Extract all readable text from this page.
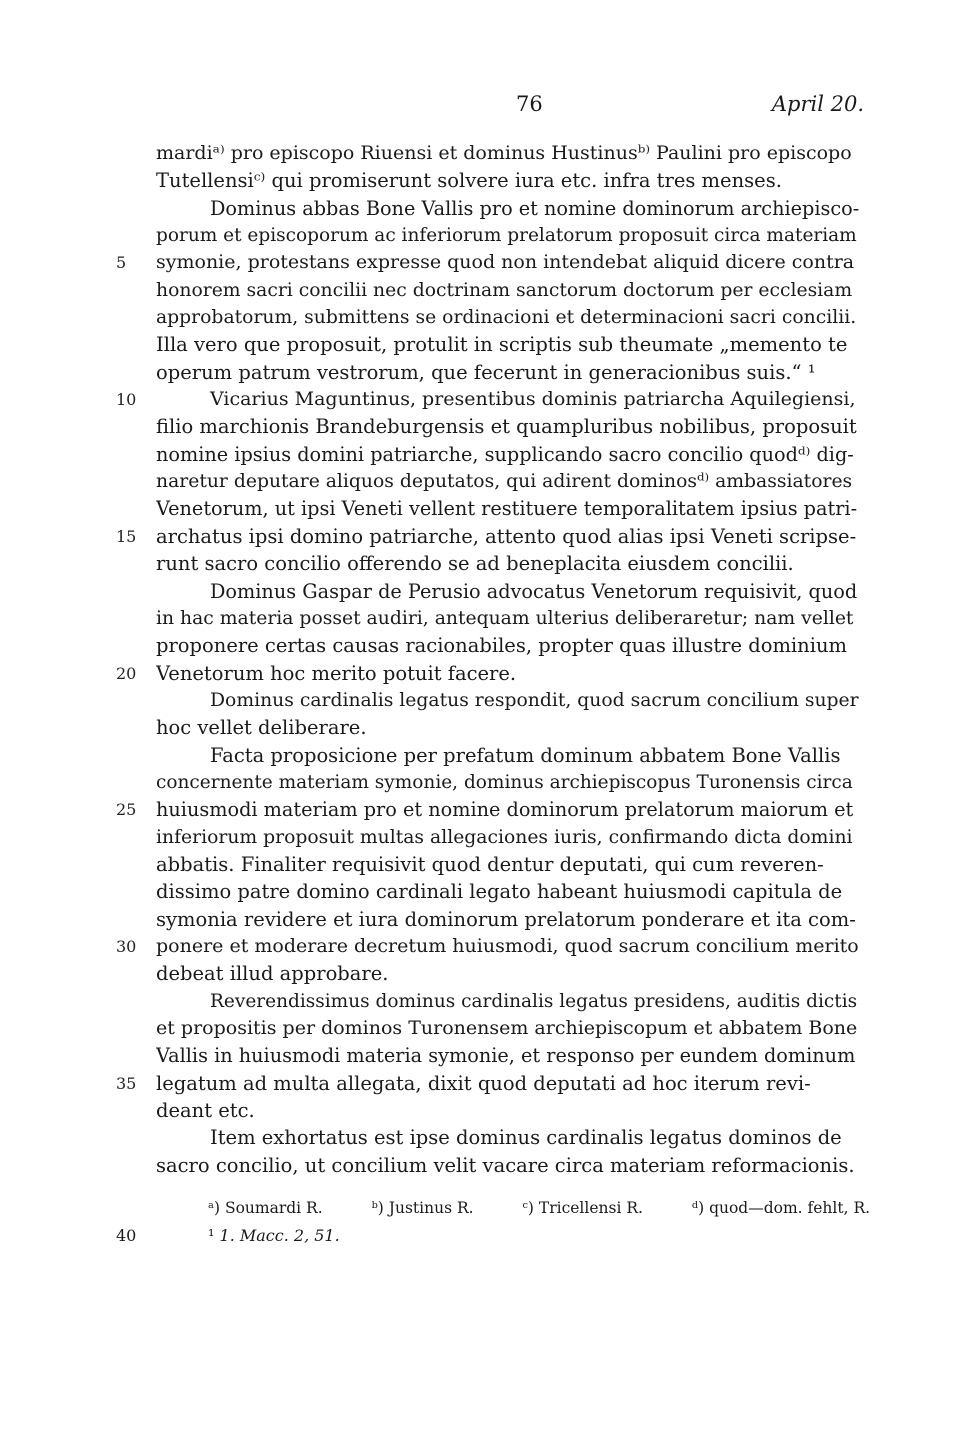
76	April 20.
mardiᵃ⁾ pro episcopo Riuensi et dominus Hustinusᵇ⁾ Paulini pro episcopo
Tutellensiᶜ⁾ qui promiserunt solvere iura etc. infra tres menses.
Dominus abbas Bone Vallis pro et nomine dominorum archiepisco-
porum et episcoporum ac inferiorum prelatorum proposuit circa materiam
5	symonie, protestans expresse quod non intendebat aliquid dicere contra
honorem sacri concilii nec doctrinam sanctorum doctorum per ecclesiam
approbatorum, submittens se ordinacioni et determinacioni sacri concilii.
Illa vero que proposuit, protulit in scriptis sub theumate „memento te
operum patrum vestrorum, que fecerunt in generacionibus suis.“ ¹
10	Vicarius Maguntinus, presentibus dominis patriarcha Aquilegiensi,
filio marchionis Brandeburgensis et quampluribus nobilibus, proposuit
nomine ipsius domini patriarche, supplicando sacro concilio quodᵈ⁾ dig-
naretur deputare aliquos deputatos, qui adirent dominosᵈ⁾ ambassiatores
Venetorum, ut ipsi Veneti vellent restituere temporalitatem ipsius patri-
15	archatus ipsi domino patriarche, attento quod alias ipsi Veneti scripse-
runt sacro concilio offerendo se ad beneplacita eiusdem concilii.
Dominus Gaspar de Perusio advocatus Venetorum requisivit, quod
in hac materia posset audiri, antequam ulterius deliberaretur; nam vellet
proponere certas causas racionabiles, propter quas illustre dominium
20	Venetorum hoc merito potuit facere.
Dominus cardinalis legatus respondit, quod sacrum concilium super
hoc vellet deliberare.
Facta proposicione per prefatum dominum abbatem Bone Vallis
concernente materiam symonie, dominus archiepiscopus Turonensis circa
25	huiusmodi materiam pro et nomine dominorum prelatorum maiorum et
inferiorum proposuit multas allegaciones iuris, confirmando dicta domini
abbatis. Finaliter requisivit quod dentur deputati, qui cum reveren-
dissimo patre domino cardinali legato habeant huiusmodi capitula de
symonia revidere et iura dominorum prelatorum ponderare et ita com-
30	ponere et moderare decretum huiusmodi, quod sacrum concilium merito
debeat illud approbare.
Reverendissimus dominus cardinalis legatus presidens, auditis dictis
et propositis per dominos Turonensem archiepiscopum et abbatem Bone
Vallis in huiusmodi materia symonie, et responso per eundem dominum
35	legatum ad multa allegata, dixit quod deputati ad hoc iterum revi-
deant etc.
Item exhortatus est ipse dominus cardinalis legatus dominos de
sacro concilio, ut concilium velit vacare circa materiam reformacionis.
ᵃ) Soumardi R.	ᵇ) Justinus R.	ᶜ) Tricellensi R.	ᵈ) quod—dom. fehlt, R.
40	¹ 1. Macc. 2, 51.
